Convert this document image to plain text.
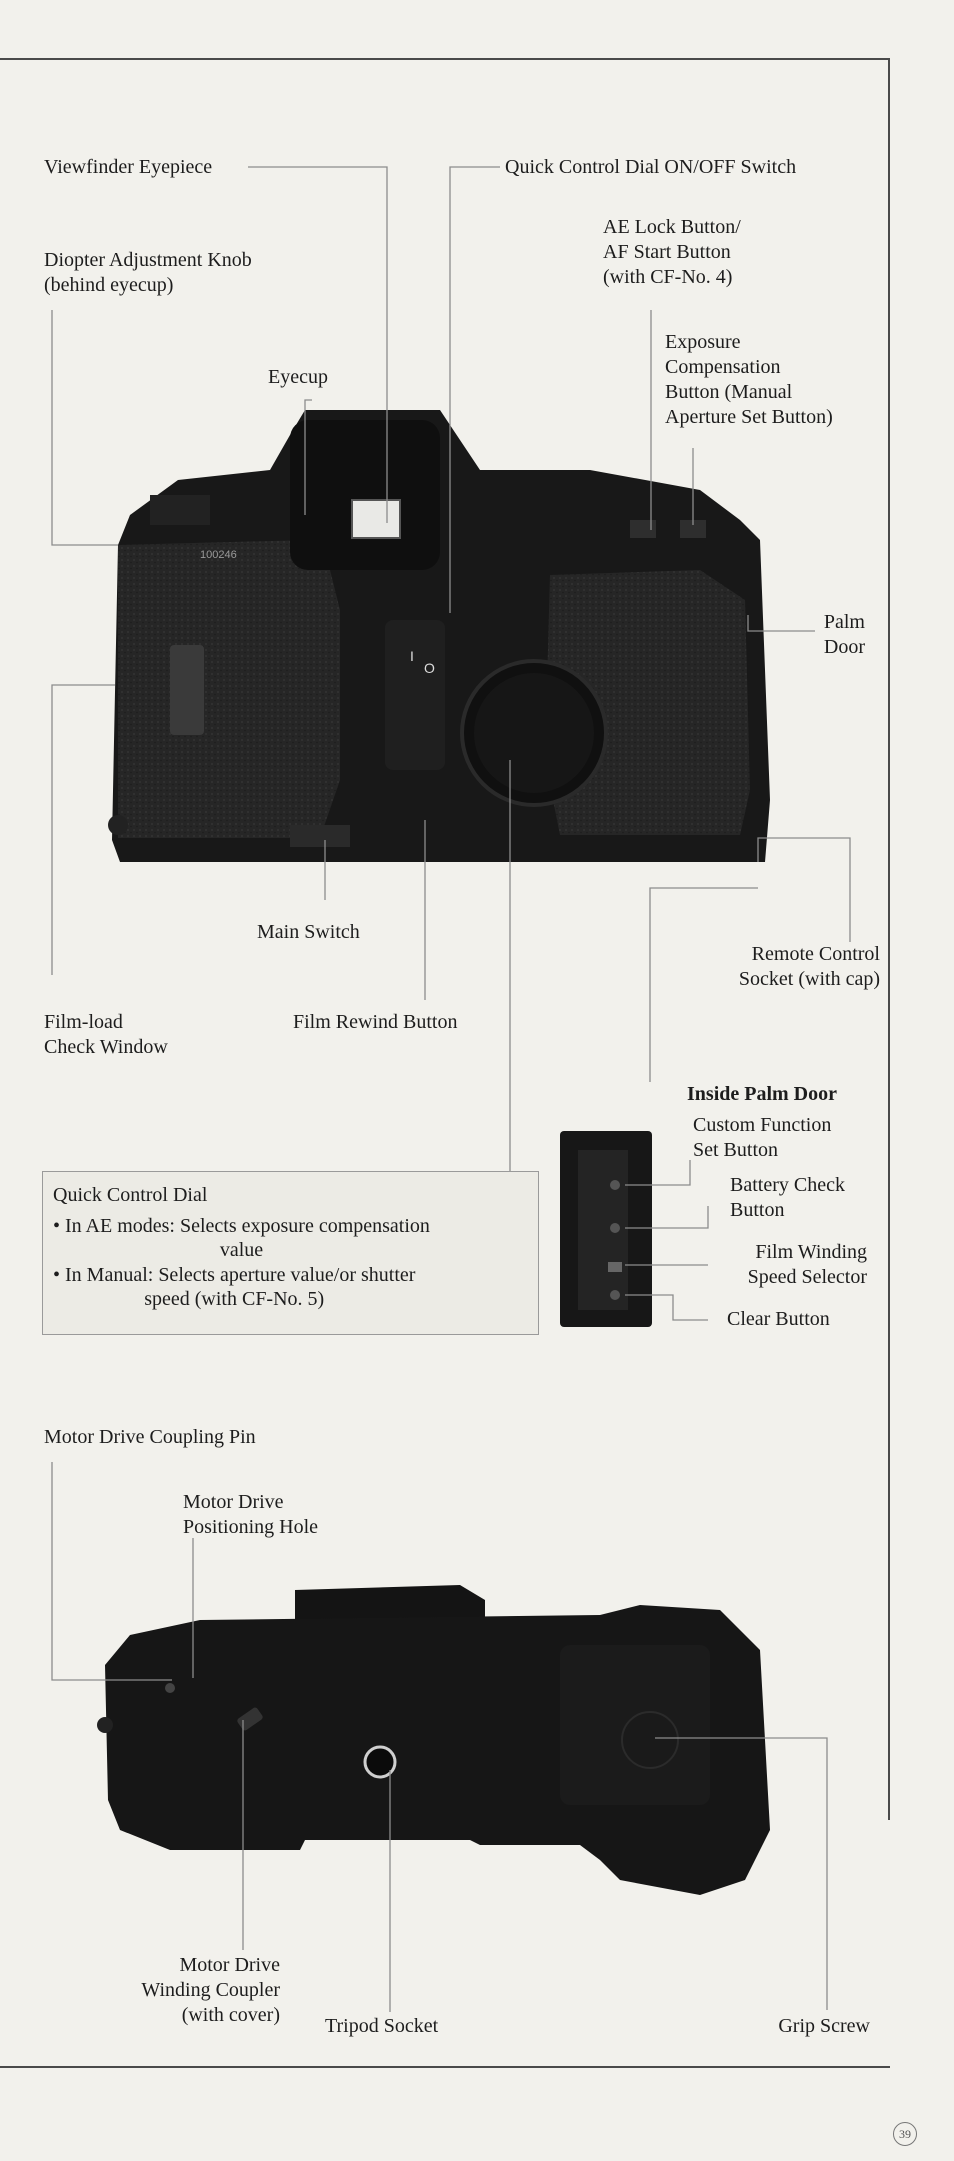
100246
I
O
Viewfinder Eyepiece	Quick Control Dial ON/OFF Switch
AE Lock Button/
AF Start Button
(with CF-No. 4)
Diopter Adjustment Knob
(behind eyecup)
Eyecup
Exposure
Compensation
Button (Manual
Aperture Set Button)
Palm
Door
Main Switch
Remote Control
Socket (with cap)
Film-load
Check Window
Film Rewind Button
Inside Palm Door
Custom Function
Set Button
Battery Check
Button
Film Winding
Speed Selector
Clear Button
Quick Control Dial
• In AE modes: Selects exposure compensation
value
• In Manual: Selects aperture value/or shutter
speed (with CF-No. 5)
Motor Drive Coupling Pin
Motor Drive
Positioning Hole
Motor Drive
Winding Coupler
(with cover) Tripod Socket	Grip Screw
39
